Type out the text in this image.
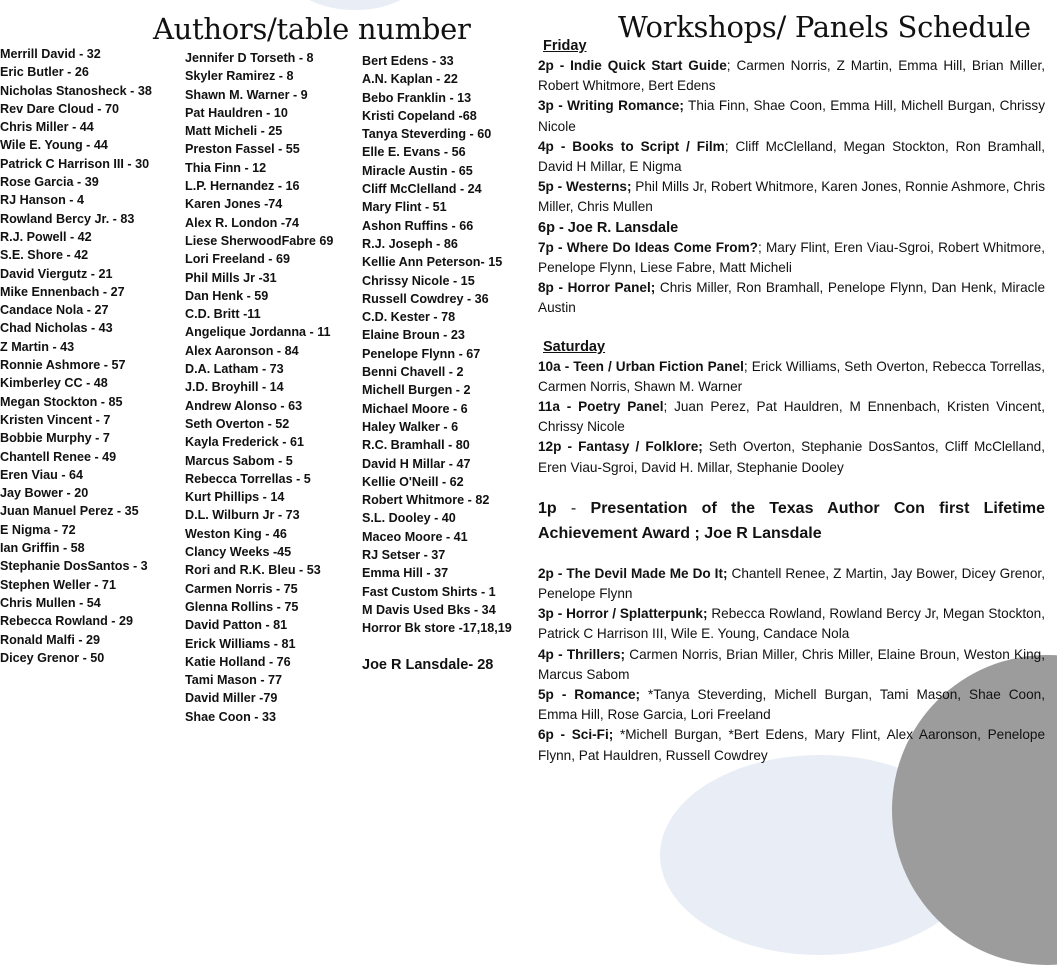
Authors/table number	Workshops/ Panels Schedule
Merrill David - 32
Eric Butler - 26
Nicholas Stanosheck - 38
Rev Dare Cloud - 70
Chris Miller - 44
Wile E. Young - 44
Patrick C Harrison III - 30
Rose Garcia - 39
RJ Hanson - 4
Rowland Bercy Jr. - 83
R.J. Powell - 42
S.E. Shore - 42
David Viergutz - 21
Mike Ennenbach - 27
Candace Nola - 27
Chad Nicholas - 43
Z Martin - 43
Ronnie Ashmore - 57
Kimberley CC - 48
Megan Stockton - 85
Kristen Vincent - 7
Bobbie Murphy - 7
Chantell Renee - 49
Eren Viau - 64
Jay Bower - 20
Juan Manuel Perez - 35
E Nigma - 72
Ian Griffin - 58
Stephanie DosSantos - 3
Stephen Weller - 71
Chris Mullen - 54
Rebecca Rowland - 29
Ronald Malfi - 29
Dicey Grenor - 50
Jennifer D Torseth - 8
Skyler Ramirez - 8
Shawn M. Warner - 9
Pat Hauldren - 10
Matt Micheli - 25
Preston Fassel - 55
Thia Finn - 12
L.P. Hernandez - 16
Karen Jones -74
Alex R. London -74
Liese SherwoodFabre 69
Lori Freeland - 69
Phil Mills Jr -31
Dan Henk - 59
C.D. Britt -11
Angelique Jordanna - 11
Alex Aaronson - 84
D.A. Latham - 73
J.D. Broyhill - 14
Andrew Alonso - 63
Seth Overton - 52
Kayla Frederick - 61
Marcus Sabom - 5
Rebecca Torrellas - 5
Kurt Phillips - 14
D.L. Wilburn Jr - 73
Weston King - 46
Clancy Weeks -45
Rori and R.K. Bleu - 53
Carmen Norris - 75
Glenna Rollins - 75
David Patton - 81
Erick Williams - 81
Katie Holland - 76
Tami Mason - 77
David Miller -79
Shae Coon - 33
Bert Edens - 33
A.N. Kaplan - 22
Bebo Franklin - 13
Kristi Copeland -68
Tanya Steverding - 60
Elle E. Evans - 56
Miracle Austin - 65
Cliff McClelland - 24
Mary Flint - 51
Ashon Ruffins - 66
R.J. Joseph - 86
Kellie Ann Peterson- 15
Chrissy Nicole - 15
Russell Cowdrey - 36
C.D. Kester - 78
Elaine Broun - 23
Penelope Flynn - 67
Benni Chavell - 2
Michell Burgen - 2
Michael Moore - 6
Haley Walker - 6
R.C. Bramhall - 80
David H Millar - 47
Kellie O'Neill - 62
Robert Whitmore - 82
S.L. Dooley - 40
Maceo Moore - 41
RJ Setser - 37
Emma Hill - 37
Fast Custom Shirts - 1
M Davis Used Bks - 34
Horror Bk store -17,18,19
Joe R Lansdale- 28
Friday

2p - Indie Quick Start Guide; Carmen Norris, Z Martin, Emma Hill, Brian Miller, Robert Whitmore, Bert Edens

3p - Writing Romance; Thia Finn, Shae Coon, Emma Hill, Michell Burgan, Chrissy Nicole

4p - Books to Script / Film; Cliff McClelland, Megan Stockton, Ron Bramhall, David H Millar, E Nigma

5p - Westerns; Phil Mills Jr, Robert Whitmore, Karen Jones, Ronnie Ashmore, Chris Miller, Chris Mullen

6p - Joe R. Lansdale

7p - Where Do Ideas Come From?; Mary Flint, Eren Viau-Sgroi, Robert Whitmore, Penelope Flynn, Liese Fabre, Matt Micheli

8p - Horror Panel; Chris Miller, Ron Bramhall, Penelope Flynn, Dan Henk, Miracle Austin

Saturday

10a - Teen / Urban Fiction Panel; Erick Williams, Seth Overton, Rebecca Torrellas, Carmen Norris, Shawn M. Warner

11a - Poetry Panel; Juan Perez, Pat Hauldren, M Ennenbach, Kristen Vincent, Chrissy Nicole

12p - Fantasy / Folklore; Seth Overton, Stephanie DosSantos, Cliff McClelland, Eren Viau-Sgroi, David H. Millar, Stephanie Dooley

1p - Presentation of the Texas Author Con first Lifetime Achievement Award ; Joe R Lansdale

2p - The Devil Made Me Do It; Chantell Renee, Z Martin, Jay Bower, Dicey Grenor, Penelope Flynn

3p - Horror / Splatterpunk; Rebecca Rowland, Rowland Bercy Jr, Megan Stockton, Patrick C Harrison III, Wile E. Young, Candace Nola

4p - Thrillers; Carmen Norris, Brian Miller, Chris Miller, Elaine Broun, Weston King, Marcus Sabom

5p - Romance; *Tanya Steverding, Michell Burgan, Tami Mason, Shae Coon, Emma Hill, Rose Garcia, Lori Freeland

6p - Sci-Fi; *Michell Burgan, *Bert Edens, Mary Flint, Alex Aaronson, Penelope Flynn, Pat Hauldren, Russell Cowdrey
